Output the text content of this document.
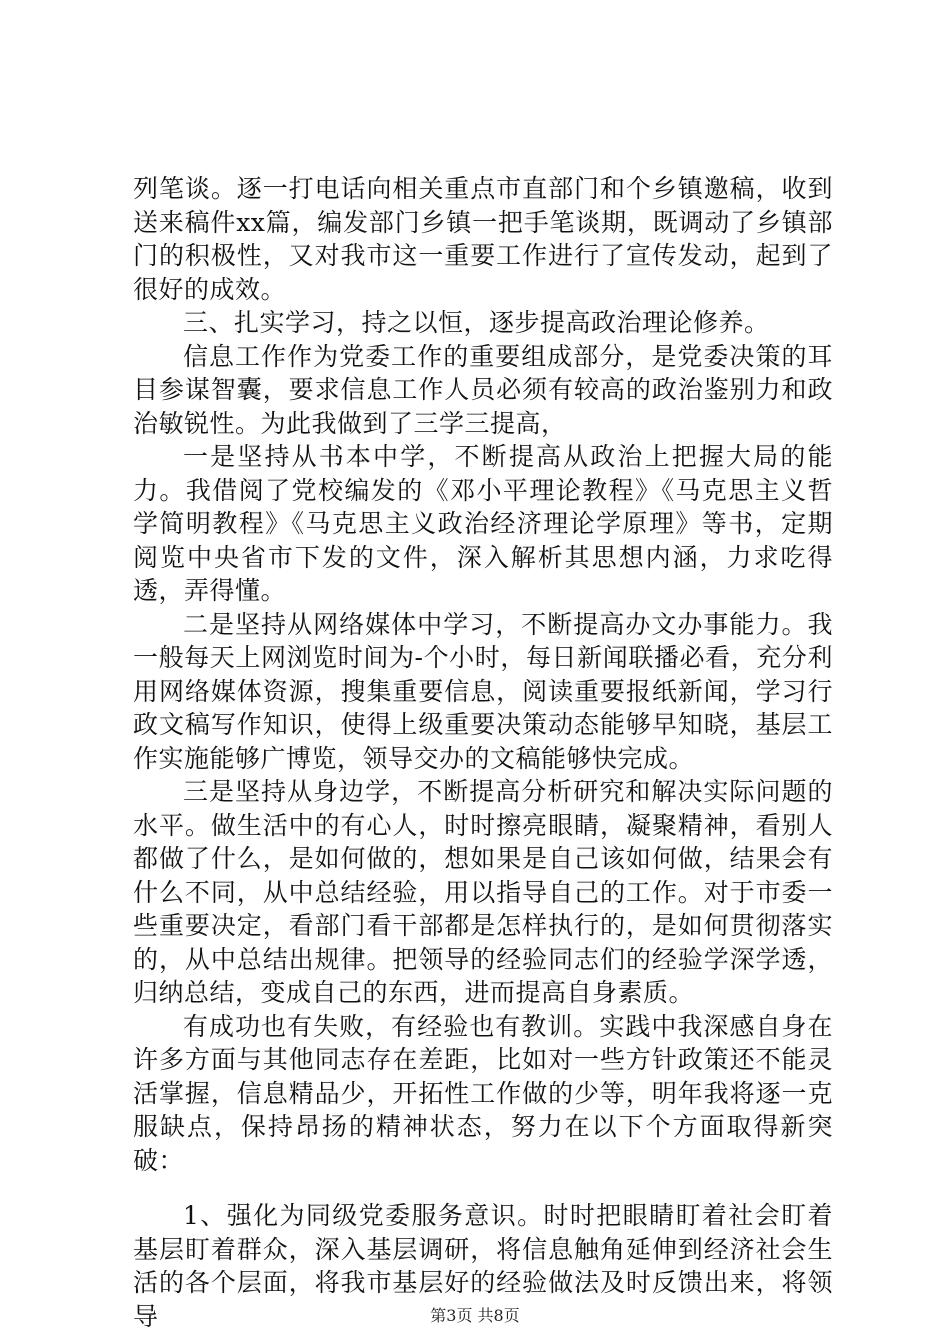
列笔谈。逐一打电话向相关重点市直部门和个乡镇邀稿，收到送来稿件xx篇，编发部门乡镇一把手笔谈期，既调动了乡镇部门的积极性，又对我市这一重要工作进行了宣传发动，起到了很好的成效。

三、扎实学习，持之以恒，逐步提高政治理论修养。

信息工作作为党委工作的重要组成部分，是党委决策的耳目参谋智囊，要求信息工作人员必须有较高的政治鉴别力和政治敏锐性。为此我做到了三学三提高，

一是坚持从书本中学，不断提高从政治上把握大局的能力。我借阅了党校编发的《邓小平理论教程》《马克思主义哲学简明教程》《马克思主义政治经济理论学原理》等书，定期阅览中央省市下发的文件，深入解析其思想内涵，力求吃得透，弄得懂。

二是坚持从网络媒体中学习，不断提高办文办事能力。我一般每天上网浏览时间为-个小时，每日新闻联播必看，充分利用网络媒体资源，搜集重要信息，阅读重要报纸新闻，学习行政文稿写作知识，使得上级重要决策动态能够早知晓，基层工作实施能够广博览，领导交办的文稿能够快完成。

三是坚持从身边学，不断提高分析研究和解决实际问题的水平。做生活中的有心人，时时擦亮眼睛，凝聚精神，看别人都做了什么，是如何做的，想如果是自己该如何做，结果会有什么不同，从中总结经验，用以指导自己的工作。对于市委一些重要决定，看部门看干部都是怎样执行的，是如何贯彻落实的，从中总结出规律。把领导的经验同志们的经验学深学透，归纳总结，变成自己的东西，进而提高自身素质。

有成功也有失败，有经验也有教训。实践中我深感自身在许多方面与其他同志存在差距，比如对一些方针政策还不能灵活掌握，信息精品少，开拓性工作做的少等，明年我将逐一克服缺点，保持昂扬的精神状态，努力在以下个方面取得新突破：

1、强化为同级党委服务意识。时时把眼睛盯着社会盯着基层盯着群众，深入基层调研，将信息触角延伸到经济社会生活的各个层面，将我市基层好的经验做法及时反馈出来，将领导	第3页 共8页
